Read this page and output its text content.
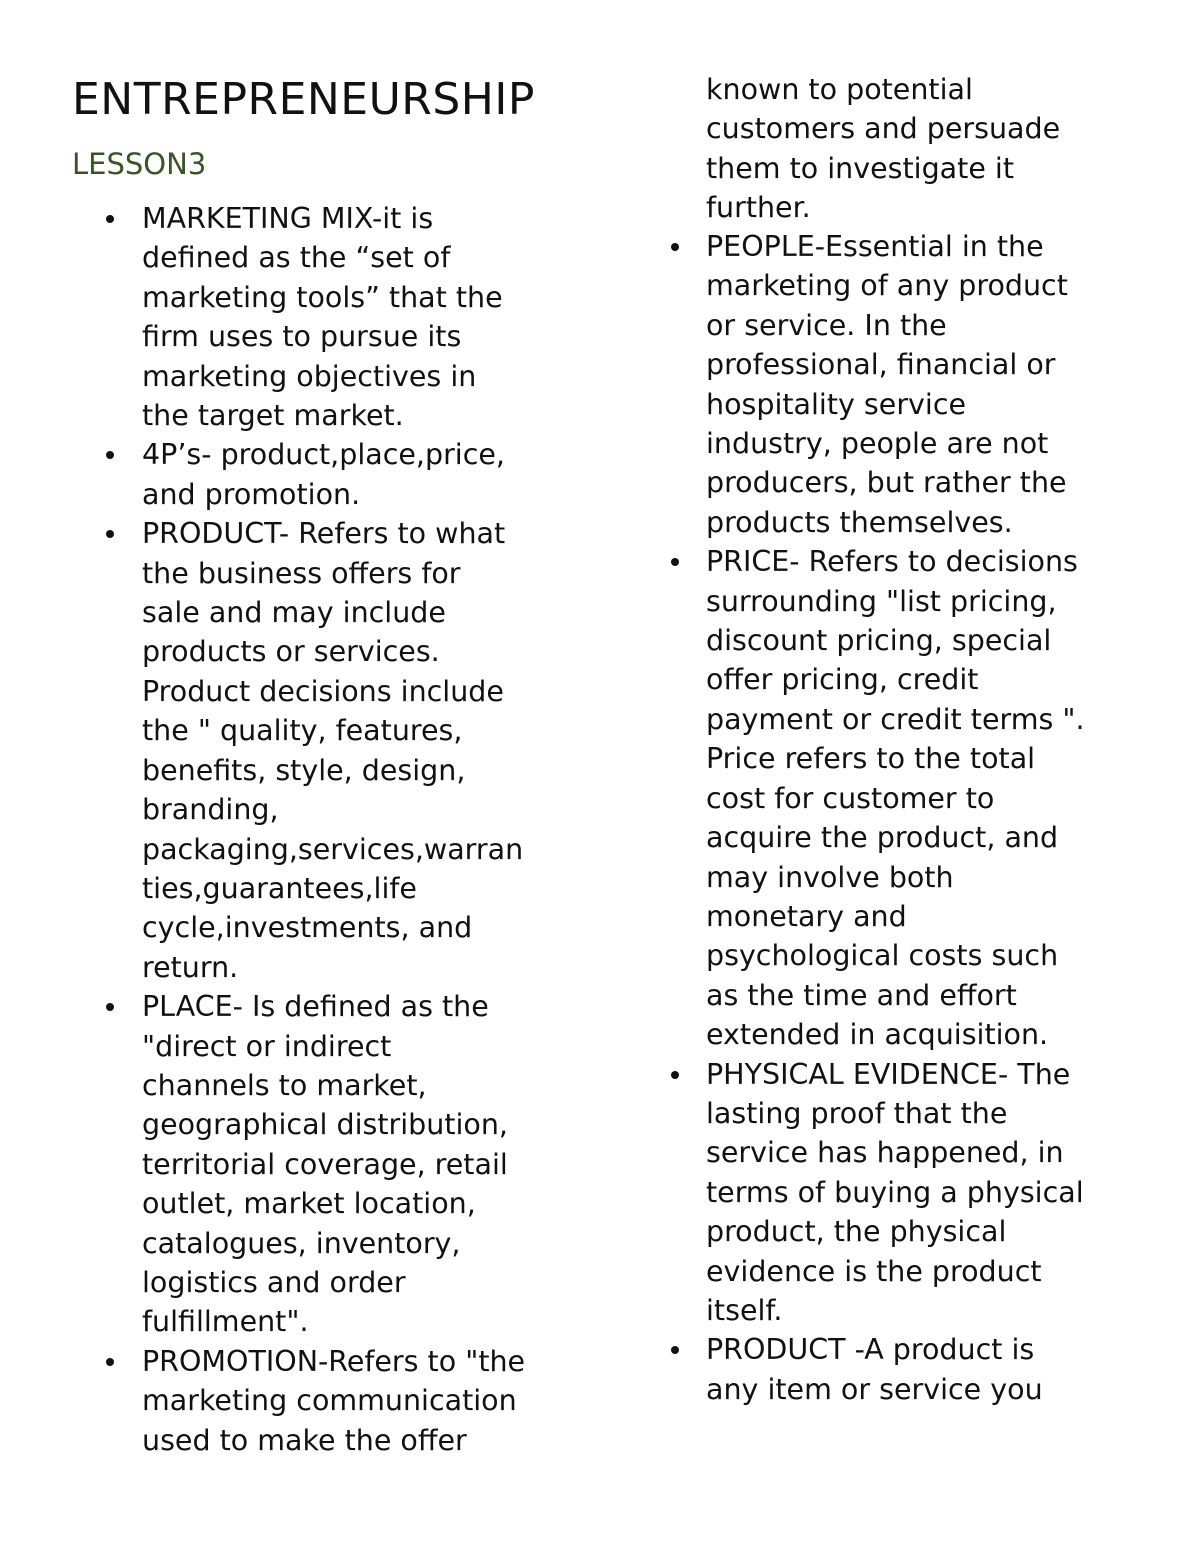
ENTREPRENEURSHIP
LESSON3
MARKETING MIX-it is
defined as the “set of
marketing tools” that the
firm uses to pursue its
marketing objectives in
the target market.
4P’s- product,place,price,
and promotion.
PRODUCT- Refers to what
the business offers for
sale and may include
products or services.
Product decisions include
the " quality, features,
benefits, style, design,
branding,
packaging,services,warran
ties,guarantees,life
cycle,investments, and
return.
PLACE- Is defined as the
"direct or indirect
channels to market,
geographical distribution,
territorial coverage, retail
outlet, market location,
catalogues, inventory,
logistics and order
fulfillment".
PROMOTION-Refers to "the
marketing communication
used to make the offer
known to potential
customers and persuade
them to investigate it
further.
PEOPLE-Essential in the
marketing of any product
or service. In the
professional, financial or
hospitality service
industry, people are not
producers, but rather the
products themselves.
PRICE- Refers to decisions
surrounding "list pricing,
discount pricing, special
offer pricing, credit
payment or credit terms ".
Price refers to the total
cost for customer to
acquire the product, and
may involve both
monetary and
psychological costs such
as the time and effort
extended in acquisition.
PHYSICAL EVIDENCE- The
lasting proof that the
service has happened, in
terms of buying a physical
product, the physical
evidence is the product
itself.
PRODUCT -A product is
any item or service you
